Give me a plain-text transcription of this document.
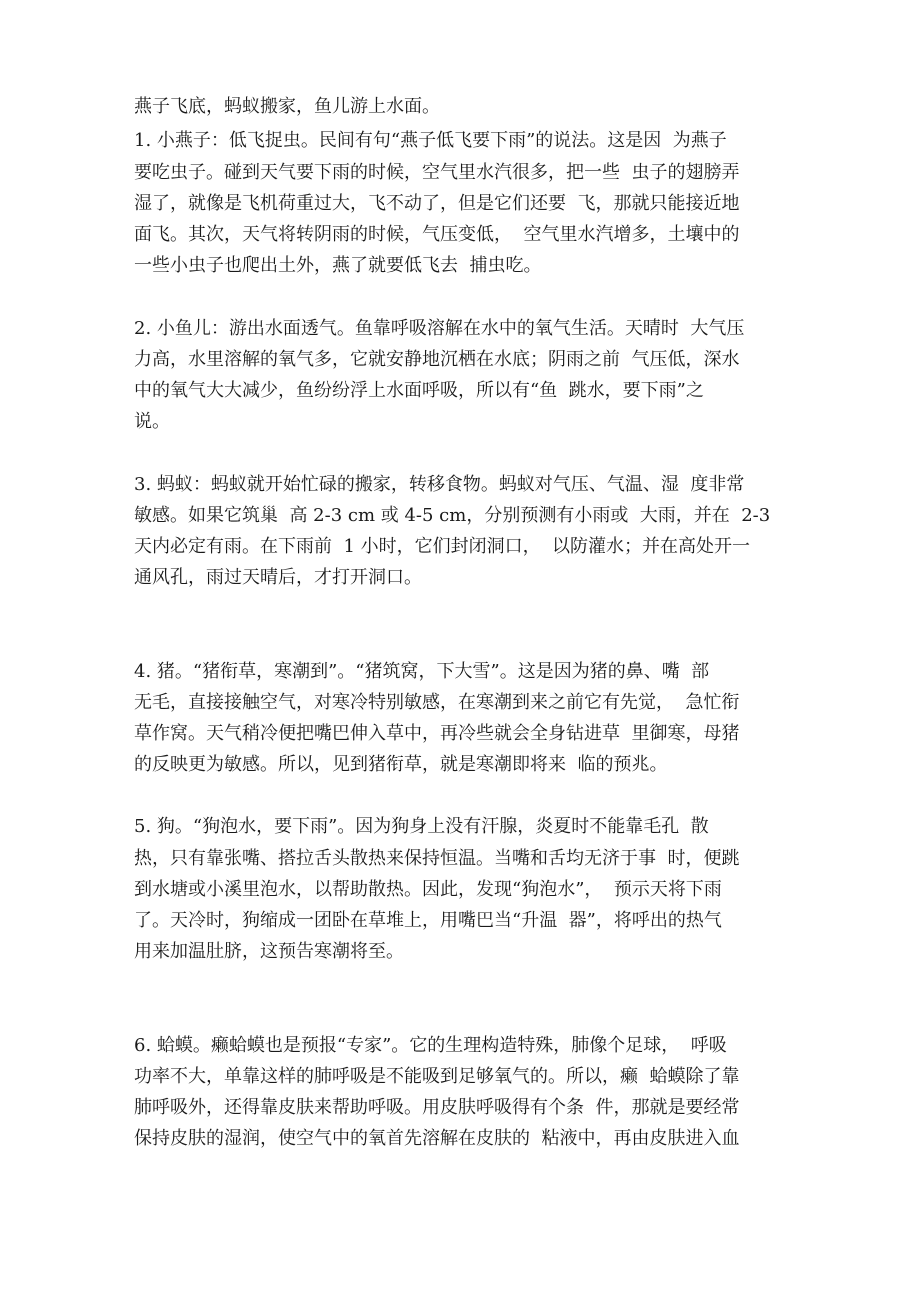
燕子飞底，蚂蚁搬家，鱼儿游上水面。

1. 小燕子：低飞捉虫。民间有句“燕子低飞要下雨”的说法。这是因  为燕子

要吃虫子。碰到天气要下雨的时候，空气里水汽很多，把一些  虫子的翅膀弄

湿了，就像是飞机荷重过大，飞不动了，但是它们还要  飞，那就只能接近地

面飞。其次，天气将转阴雨的时候，气压变低，  空气里水汽增多，土壤中的

一些小虫子也爬出土外，燕了就要低飞去  捕虫吃。

2. 小鱼儿：游出水面透气。鱼靠呼吸溶解在水中的氧气生活。天晴时  大气压

力高，水里溶解的氧气多，它就安静地沉栖在水底；阴雨之前  气压低，深水

中的氧气大大减少，鱼纷纷浮上水面呼吸，所以有“鱼  跳水，要下雨”之

说。

3. 蚂蚁：蚂蚁就开始忙碌的搬家，转移食物。蚂蚁对气压、气温、湿  度非常

敏感。如果它筑巢  高 2-3 cm 或 4-5 cm，分别预测有小雨或  大雨，并在  2-3

天内必定有雨。在下雨前  1 小时，它们封闭洞口，  以防灌水；并在高处开一

通风孔，雨过天晴后，才打开洞口。

4. 猪。“猪衔草，寒潮到”。“猪筑窝，下大雪”。这是因为猪的鼻、嘴  部

无毛，直接接触空气，对寒冷特别敏感，在寒潮到来之前它有先觉，  急忙衔

草作窝。天气稍冷便把嘴巴伸入草中，再冷些就会全身钻进草  里御寒，母猪

的反映更为敏感。所以，见到猪衔草，就是寒潮即将来  临的预兆。

5. 狗。“狗泡水，要下雨”。因为狗身上没有汗腺，炎夏时不能靠毛孔  散

热，只有靠张嘴、搭拉舌头散热来保持恒温。当嘴和舌均无济于事  时，便跳

到水塘或小溪里泡水，以帮助散热。因此，发现“狗泡水”，  预示天将下雨

了。天冷时，狗缩成一团卧在草堆上，用嘴巴当“升温  器”，将呼出的热气

用来加温肚脐，这预告寒潮将至。

6. 蛤蟆。癞蛤蟆也是预报“专家”。它的生理构造特殊，肺像个足球，  呼吸

功率不大，单靠这样的肺呼吸是不能吸到足够氧气的。所以，癞  蛤蟆除了靠

肺呼吸外，还得靠皮肤来帮助呼吸。用皮肤呼吸得有个条  件，那就是要经常

保持皮肤的湿润，使空气中的氧首先溶解在皮肤的  粘液中，再由皮肤进入血
